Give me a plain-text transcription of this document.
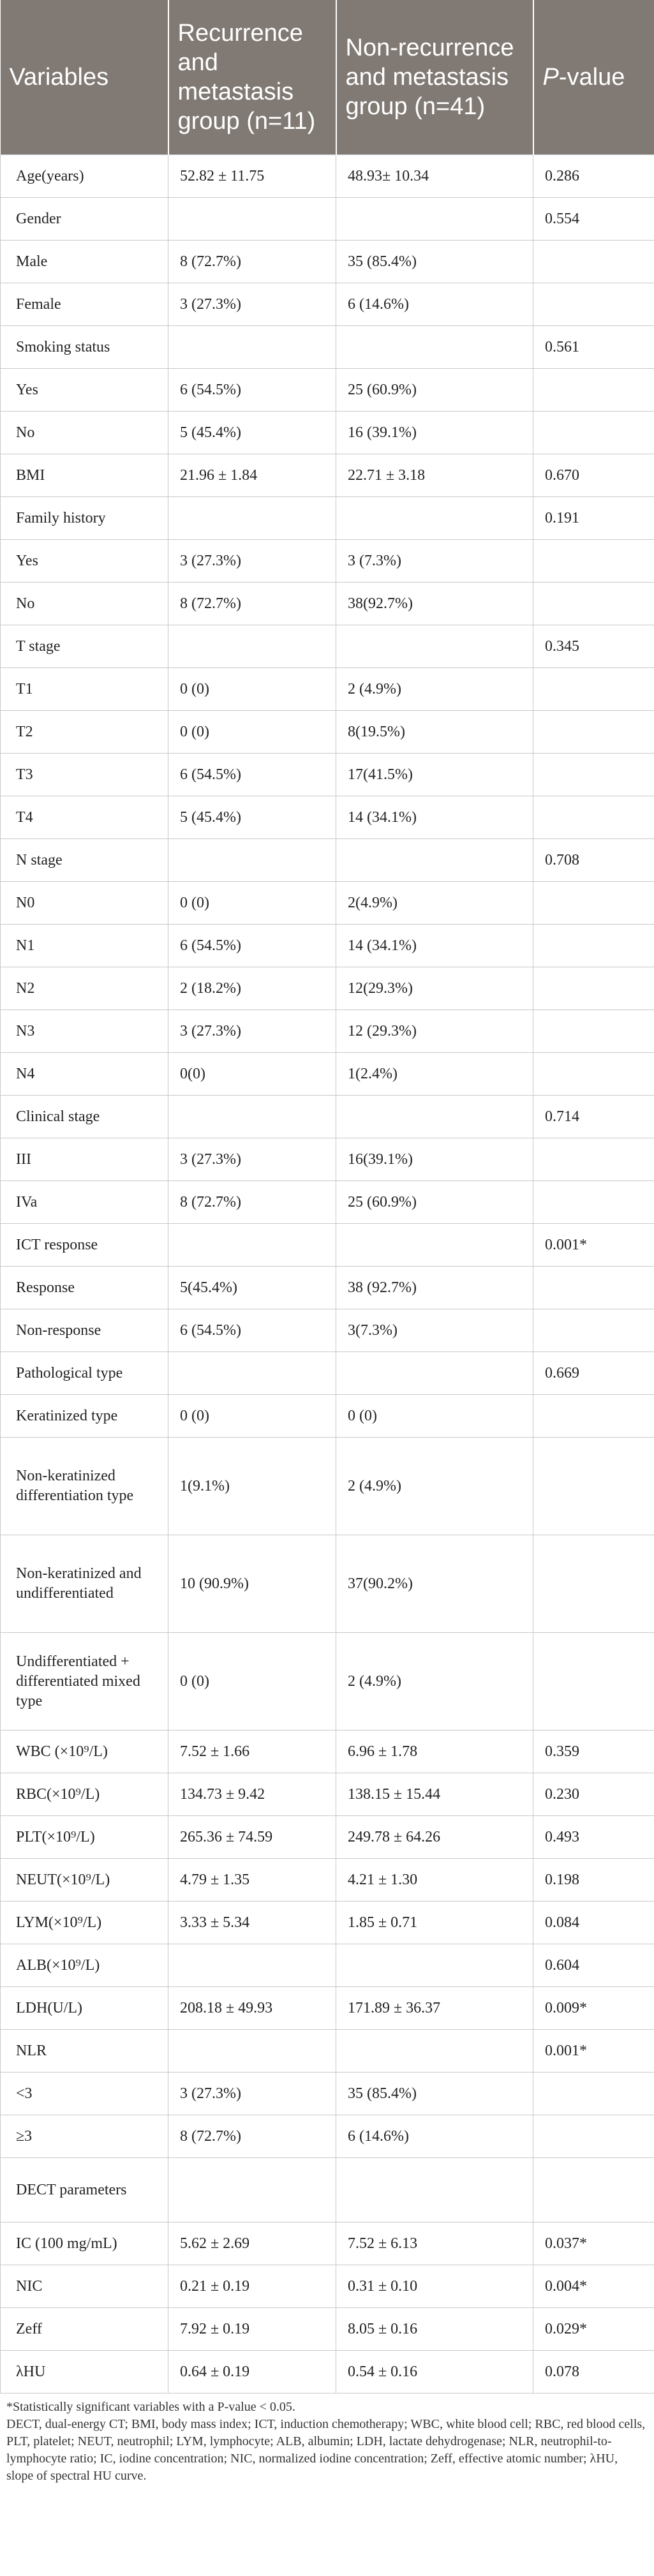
Variables	Recurrence and metastasis group (n=11)	Non-recurrence and metastasis group (n=41)	P-value
Age(years)	52.82 ± 11.75	48.93± 10.34	0.286
Gender			0.554
Male	8 (72.7%)	35 (85.4%)	
Female	3 (27.3%)	6 (14.6%)	
Smoking status			0.561
Yes	6 (54.5%)	25 (60.9%)	
No	5 (45.4%)	16 (39.1%)	
BMI	21.96 ± 1.84	22.71 ± 3.18	0.670
Family history			0.191
Yes	3 (27.3%)	3 (7.3%)	
No	8 (72.7%)	38(92.7%)	
T stage			0.345
T1	0 (0)	2 (4.9%)	
T2	0 (0)	8(19.5%)	
T3	6 (54.5%)	17(41.5%)	
T4	5 (45.4%)	14 (34.1%)	
N stage			0.708
N0	0 (0)	2(4.9%)	
N1	6 (54.5%)	14 (34.1%)	
N2	2 (18.2%)	12(29.3%)	
N3	3 (27.3%)	12 (29.3%)	
N4	0(0)	1(2.4%)	
Clinical stage			0.714
III	3 (27.3%)	16(39.1%)	
IVa	8 (72.7%)	25 (60.9%)	
ICT response			0.001*
Response	5(45.4%)	38 (92.7%)	
Non-response	6 (54.5%)	3(7.3%)	
Pathological type			0.669
Keratinized type	0 (0)	0 (0)	
Non-keratinized differentiation type	1(9.1%)	2 (4.9%)	
Non-keratinized and undifferentiated	10 (90.9%)	37(90.2%)	
Undifferentiated + differentiated mixed type	0 (0)	2 (4.9%)	
WBC (×10⁹/L)	7.52 ± 1.66	6.96 ± 1.78	0.359
RBC(×10⁹/L)	134.73 ± 9.42	138.15 ± 15.44	0.230
PLT(×10⁹/L)	265.36 ± 74.59	249.78 ± 64.26	0.493
NEUT(×10⁹/L)	4.79 ± 1.35	4.21 ± 1.30	0.198
LYM(×10⁹/L)	3.33 ± 5.34	1.85 ± 0.71	0.084
ALB(×10⁹/L)			0.604
LDH(U/L)	208.18 ± 49.93	171.89 ± 36.37	0.009*
NLR			0.001*
<3	3 (27.3%)	35 (85.4%)	
≥3	8 (72.7%)	6 (14.6%)	
DECT parameters			
IC (100 mg/mL)	5.62 ± 2.69	7.52 ± 6.13	0.037*
NIC	0.21 ± 0.19	0.31 ± 0.10	0.004*
Zeff	7.92 ± 0.19	8.05 ± 0.16	0.029*
λHU	0.64 ± 0.19	0.54 ± 0.16	0.078
*Statistically significant variables with a P-value < 0.05.
DECT, dual-energy CT; BMI, body mass index; ICT, induction chemotherapy; WBC, white blood cell; RBC, red blood cells, PLT, platelet; NEUT, neutrophil; LYM, lymphocyte; ALB, albumin; LDH, lactate dehydrogenase; NLR, neutrophil-to-lymphocyte ratio; IC, iodine concentration; NIC, normalized iodine concentration; Zeff, effective atomic number; λHU, slope of spectral HU curve.
